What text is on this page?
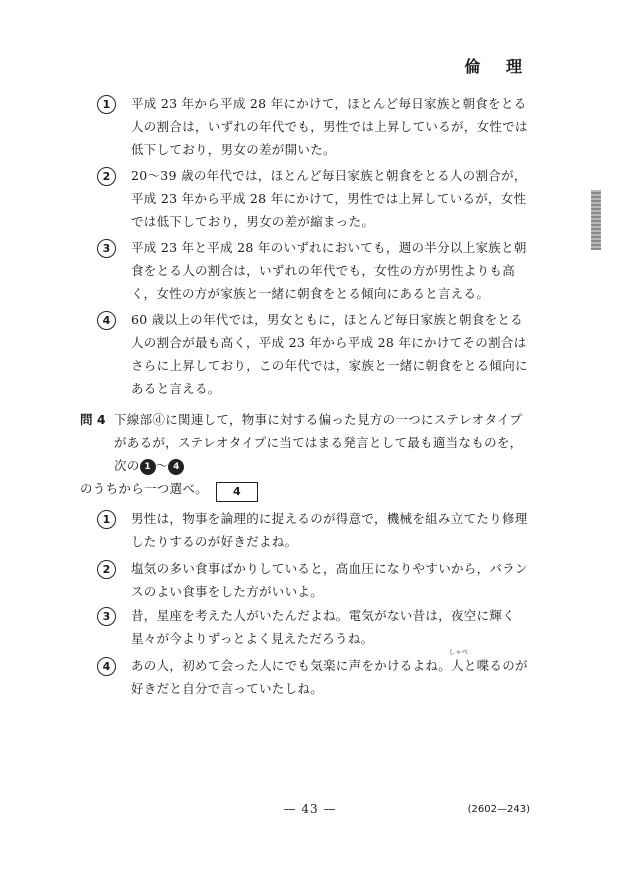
倫 理
1	平成 23 年から平成 28 年にかけて，ほとんど毎日家族と朝食をとる人の割合は，いずれの年代でも，男性では上昇しているが，女性では低下しており，男女の差が開いた。

2	20～39 歳の年代では，ほとんど毎日家族と朝食をとる人の割合が，平成 23 年から平成 28 年にかけて，男性では上昇しているが，女性では低下しており，男女の差が縮まった。

3	平成 23 年と平成 28 年のいずれにおいても，週の半分以上家族と朝食をとる人の割合は，いずれの年代でも，女性の方が男性よりも高く，女性の方が家族と一緒に朝食をとる傾向にあると言える。

4	60 歳以上の年代では，男女ともに，ほとんど毎日家族と朝食をとる人の割合が最も高く，平成 23 年から平成 28 年にかけてその割合はさらに上昇しており，この年代では，家族と一緒に朝食をとる傾向にあると言える。

問 4 下線部ⓓに関連して，物事に対する偏った見方の一つにステレオタイプがあるが，ステレオタイプに当てはまる発言として最も適当なものを，次の 1 ～ 4
のうちから一つ選べ。 4

1	男性は，物事を論理的に捉えるのが得意で，機械を組み立てたり修理したりするのが好きだよね。

2	塩気の多い食事ばかりしていると，高血圧になりやすいから，バランスのよい食事をした方がいいよ。

3	昔，星座を考えた人がいたんだよね。電気がない昔は，夜空に輝く星々が今よりずっとよく見えただろうね。

4	あの人，初めて会った人にでも気楽に声をかけるよね。人と喋るのが好きだと自分で言っていたしね。

しゃべ
— 43 —	(2602—243)
